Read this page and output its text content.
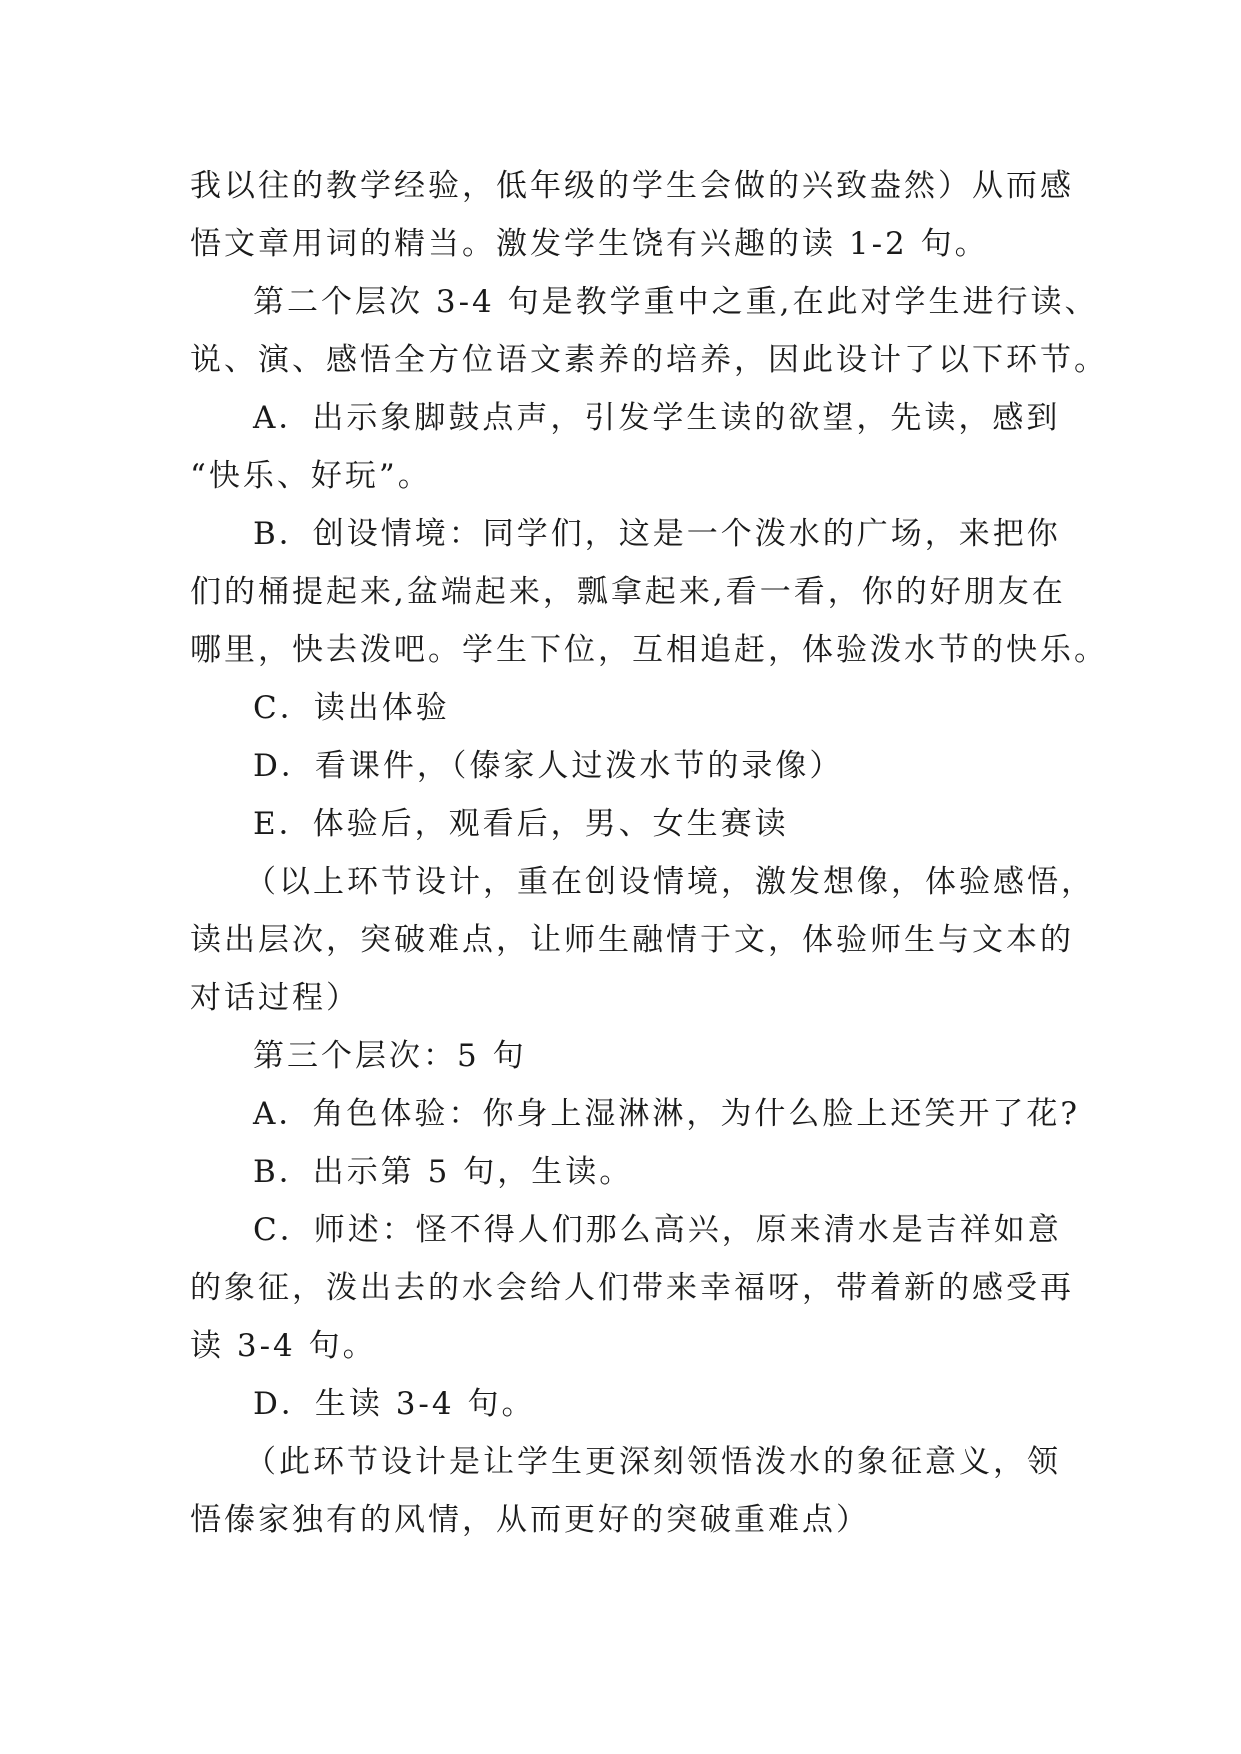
我以往的教学经验，低年级的学生会做的兴致盎然）从而感
悟文章用词的精当。激发学生饶有兴趣的读 1-2 句。
第二个层次 3-4 句是教学重中之重,在此对学生进行读、
说、演、感悟全方位语文素养的培养，因此设计了以下环节。
A．出示象脚鼓点声，引发学生读的欲望，先读，感到
“快乐、好玩”。
B．创设情境：同学们，这是一个泼水的广场，来把你
们的桶提起来,盆端起来，瓢拿起来,看一看，你的好朋友在
哪里，快去泼吧。学生下位，互相追赶，体验泼水节的快乐。
C．读出体验
D．看课件，（傣家人过泼水节的录像）
E．体验后，观看后，男、女生赛读
（以上环节设计，重在创设情境，激发想像，体验感悟，
读出层次，突破难点，让师生融情于文，体验师生与文本的
对话过程）
第三个层次：5 句
A．角色体验：你身上湿淋淋，为什么脸上还笑开了花?
B．出示第 5 句，生读。
C．师述：怪不得人们那么高兴，原来清水是吉祥如意
的象征，泼出去的水会给人们带来幸福呀，带着新的感受再
读 3-4 句。
D．生读 3-4 句。
（此环节设计是让学生更深刻领悟泼水的象征意义，领
悟傣家独有的风情，从而更好的突破重难点）
